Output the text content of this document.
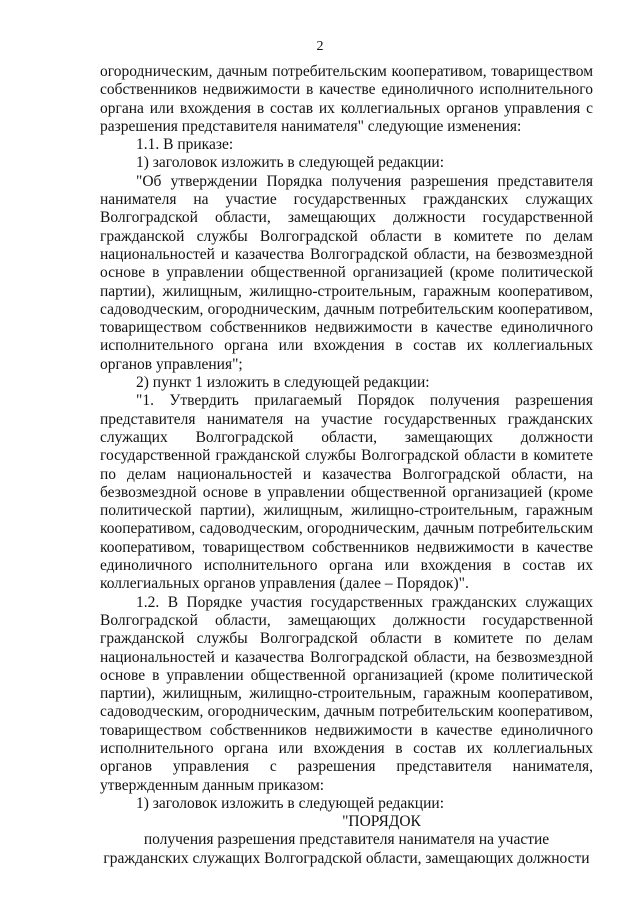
2

огородническим, дачным потребительским кооперативом, товариществом собственников недвижимости в качестве единоличного исполнительного органа или вхождения в состав их коллегиальных органов управления с разрешения представителя нанимателя" следующие изменения:

1.1. В приказе:

1) заголовок изложить в следующей редакции:

"Об утверждении Порядка получения разрешения представителя нанимателя на участие государственных гражданских служащих Волгоградской области, замещающих должности государственной гражданской службы Волгоградской области в комитете по делам национальностей и казачества Волгоградской области, на безвозмездной основе в управлении общественной организацией (кроме политической партии), жилищным, жилищно-строительным, гаражным кооперативом, садоводческим, огородническим, дачным потребительским кооперативом, товариществом собственников недвижимости в качестве единоличного исполнительного органа или вхождения в состав их коллегиальных органов управления";

2) пункт 1 изложить в следующей редакции:

"1. Утвердить прилагаемый Порядок получения разрешения представителя нанимателя на участие государственных гражданских служащих Волгоградской области, замещающих должности государственной гражданской службы Волгоградской области в комитете по делам национальностей и казачества Волгоградской области, на безвозмездной основе в управлении общественной организацией (кроме политической партии), жилищным, жилищно-строительным, гаражным кооперативом, садоводческим, огородническим, дачным потребительским кооперативом, товариществом собственников недвижимости в качестве единоличного исполнительного органа или вхождения в состав их коллегиальных органов управления (далее – Порядок)".

1.2. В Порядке участия государственных гражданских служащих Волгоградской области, замещающих должности государственной гражданской службы Волгоградской области в комитете по делам национальностей и казачества Волгоградской области, на безвозмездной основе в управлении общественной организацией (кроме политической партии), жилищным, жилищно-строительным, гаражным кооперативом, садоводческим, огородническим, дачным потребительским кооперативом, товариществом собственников недвижимости в качестве единоличного исполнительного органа или вхождения в состав их коллегиальных органов управления с разрешения представителя нанимателя, утвержденным данным приказом:

1) заголовок изложить в следующей редакции:

"ПОРЯДОК

получения разрешения представителя нанимателя на участие

гражданских служащих Волгоградской области, замещающих должности
